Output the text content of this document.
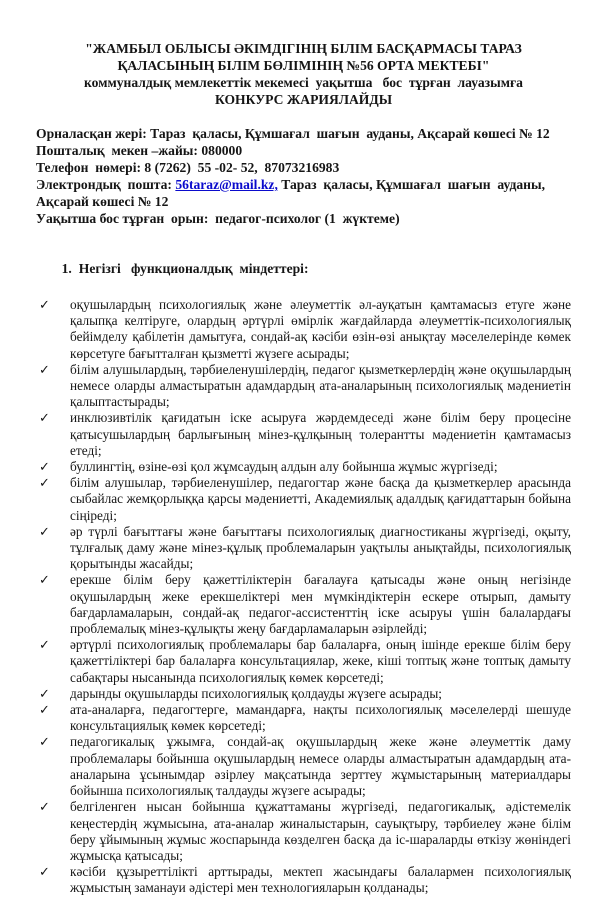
"ЖАМБЫЛ ОБЛЫСЫ ӘКІМДІГІНІҢ БІЛІМ БАСҚАРМАСЫ ТАРАЗ ҚАЛАСЫНЫҢ БІЛІМ БӨЛІМІНІҢ №56 ОРТА МЕКТЕБІ"
коммуналдық мемлекеттік мекемесі  уақытша   бос  тұрған  лауазымға
КОНКУРС ЖАРИЯЛАЙДЫ
Орналасқан жері: Тараз  қаласы, Құмшағал  шағын  ауданы, Ақсарай көшесі № 12
Пошталық  мекен –жайы: 080000
Телефон  нөмері: 8 (7262)  55 -02- 52,  87073216983
Электрондық  пошта: 56taraz@mail.kz, Тараз  қаласы, Құмшағал  шағын  ауданы, Ақсарай көшесі № 12
Уақытша бос тұрған  орын:  педагог-психолог (1  жүктеме)

1. Негізгі   функционалдық  міндеттері:

✓ оқушылардың психологиялық және әлеуметтік әл-ауқатын қамтамасыз етуге және қалыпқа келтіруге, олардың әртүрлі өмірлік жағдайларда әлеуметтік-психологиялық бейімделу қабілетін дамытуға, сондай-ақ кәсіби өзін-өзі анықтау мәселелерінде көмек көрсетуге бағытталған қызметті жүзеге асырады;
✓ білім алушылардың, тәрбиеленушілердің, педагог қызметкерлердің және оқушылардың немесе оларды алмастыратын адамдардың ата-аналарының психологиялық мәдениетін қалыптастырады;
✓ инклюзивтілік қағидатын іске асыруға жәрдемдеседі және білім беру процесіне қатысушылардың барлығының мінез-құлқының толерантты мәдениетін қамтамасыз етеді;
✓ буллингтің, өзіне-өзі қол жұмсаудың алдын алу бойынша жұмыс жүргізеді;
✓ білім алушылар, тәрбиеленушілер, педагогтар және басқа да қызметкерлер арасында сыбайлас жемқорлыққа қарсы мәдениетті, Академиялық адалдық қағидаттарын бойына сіңіреді;
✓ әр түрлі бағыттағы және бағыттағы психологиялық диагностиканы жүргізеді, оқыту, тұлғалық даму және мінез-құлық проблемаларын уақтылы анықтайды, психологиялық қорытынды жасайды;
✓ ерекше білім беру қажеттіліктерін бағалауға қатысады және оның негізінде оқушылардың жеке ерекшеліктері мен мүмкіндіктерін ескере отырып, дамыту бағдарламаларын, сондай-ақ педагог-ассистенттің іске асыруы үшін балалардағы проблемалық мінез-құлықты жеңу бағдарламаларын әзірлейді;
✓ әртүрлі психологиялық проблемалары бар балаларға, оның ішінде ерекше білім беру қажеттіліктері бар балаларға консультациялар, жеке, кіші топтық және топтық дамыту сабақтары нысанында психологиялық көмек көрсетеді;
✓ дарынды оқушыларды психологиялық қолдауды жүзеге асырады;
✓ ата-аналарға, педагогтерге, мамандарға, нақты психологиялық мәселелерді шешуде консультациялық көмек көрсетеді;
✓ педагогикалық ұжымға, сондай-ақ оқушылардың жеке және әлеуметтік даму проблемалары бойынша оқушылардың немесе оларды алмастыратын адамдардың ата-аналарына ұсынымдар әзірлеу мақсатында зерттеу жұмыстарының материалдары бойынша психологиялық талдауды жүзеге асырады;
✓ белгіленген нысан бойынша құжаттаманы жүргізеді, педагогикалық, әдістемелік кеңестердің жұмысына, ата-аналар жиналыстарын, сауықтыру, тәрбиелеу және білім беру ұйымының жұмыс жоспарында көзделген басқа да іс-шараларды өткізу жөніндегі жұмысқа қатысады;
✓ кәсіби құзыреттілікті арттырады, мектеп жасындағы балалармен психологиялық жұмыстың заманауи әдістері мен технологияларын қолданады;
